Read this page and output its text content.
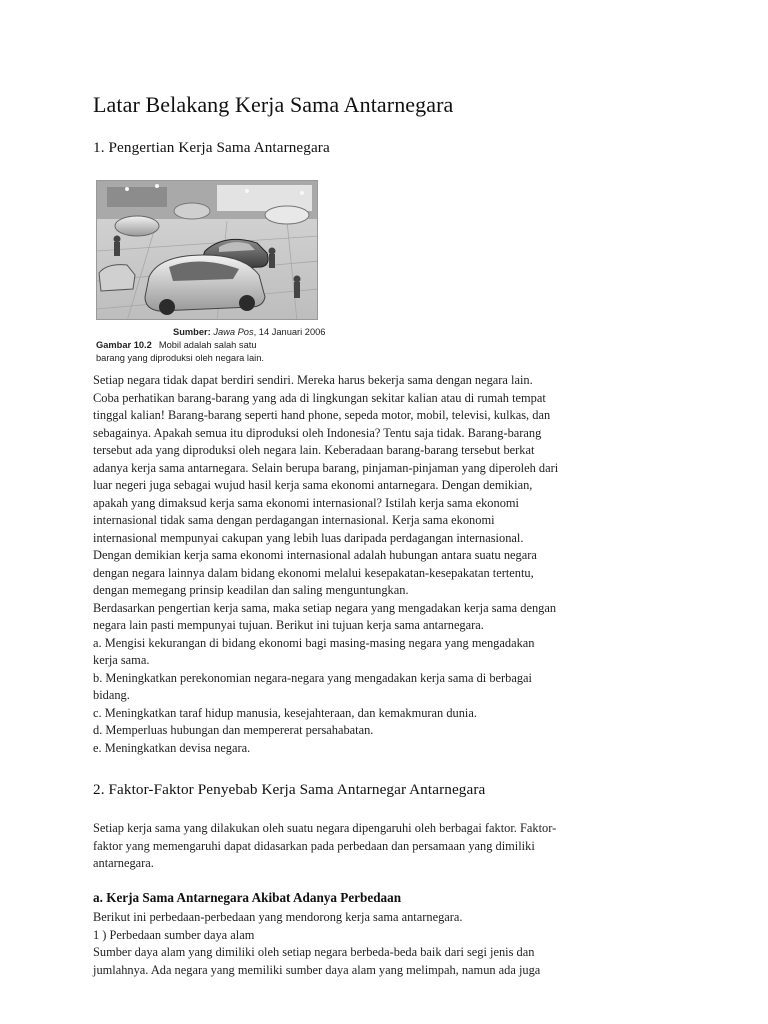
Latar Belakang Kerja Sama Antarnegara
1. Pengertian Kerja Sama Antarnegara
Sumber: Jawa Pos, 14 Januari 2006
Gambar 10.2 Mobil adalah salah satu
barang yang diproduksi oleh negara lain.

Setiap negara tidak dapat berdiri sendiri. Mereka harus bekerja sama dengan negara lain.

Coba perhatikan barang-barang yang ada di lingkungan sekitar kalian atau di rumah tempat

tinggal kalian! Barang-barang seperti hand phone, sepeda motor, mobil, televisi, kulkas, dan

sebagainya. Apakah semua itu diproduksi oleh Indonesia? Tentu saja tidak. Barang-barang

tersebut ada yang diproduksi oleh negara lain. Keberadaan barang-barang tersebut berkat

adanya kerja sama antarnegara. Selain berupa barang, pinjaman-pinjaman yang diperoleh dari

luar negeri juga sebagai wujud hasil kerja sama ekonomi antarnegara. Dengan demikian,

apakah yang dimaksud kerja sama ekonomi internasional? Istilah kerja sama ekonomi

internasional tidak sama dengan perdagangan internasional. Kerja sama ekonomi

internasional mempunyai cakupan yang lebih luas daripada perdagangan internasional.

Dengan demikian kerja sama ekonomi internasional adalah hubungan antara suatu negara

dengan negara lainnya dalam bidang ekonomi melalui kesepakatan-kesepakatan tertentu,

dengan memegang prinsip keadilan dan saling menguntungkan.

Berdasarkan pengertian kerja sama, maka setiap negara yang mengadakan kerja sama dengan

negara lain pasti mempunyai tujuan. Berikut ini tujuan kerja sama antarnegara.

a. Mengisi kekurangan di bidang ekonomi bagi masing-masing negara yang mengadakan

kerja sama.

b. Meningkatkan perekonomian negara-negara yang mengadakan kerja sama di berbagai

bidang.

c. Meningkatkan taraf hidup manusia, kesejahteraan, dan kemakmuran dunia.

d. Memperluas hubungan dan mempererat persahabatan.

e. Meningkatkan devisa negara.

2. Faktor-Faktor Penyebab Kerja Sama Antarnegar Antarnegara

Setiap kerja sama yang dilakukan oleh suatu negara dipengaruhi oleh berbagai faktor. Faktor-

faktor yang memengaruhi dapat didasarkan pada perbedaan dan persamaan yang dimiliki

antarnegara.

a. Kerja Sama Antarnegara Akibat Adanya Perbedaan

Berikut ini perbedaan-perbedaan yang mendorong kerja sama antarnegara.

1 ) Perbedaan sumber daya alam

Sumber daya alam yang dimiliki oleh setiap negara berbeda-beda baik dari segi jenis dan

jumlahnya. Ada negara yang memiliki sumber daya alam yang melimpah, namun ada juga
